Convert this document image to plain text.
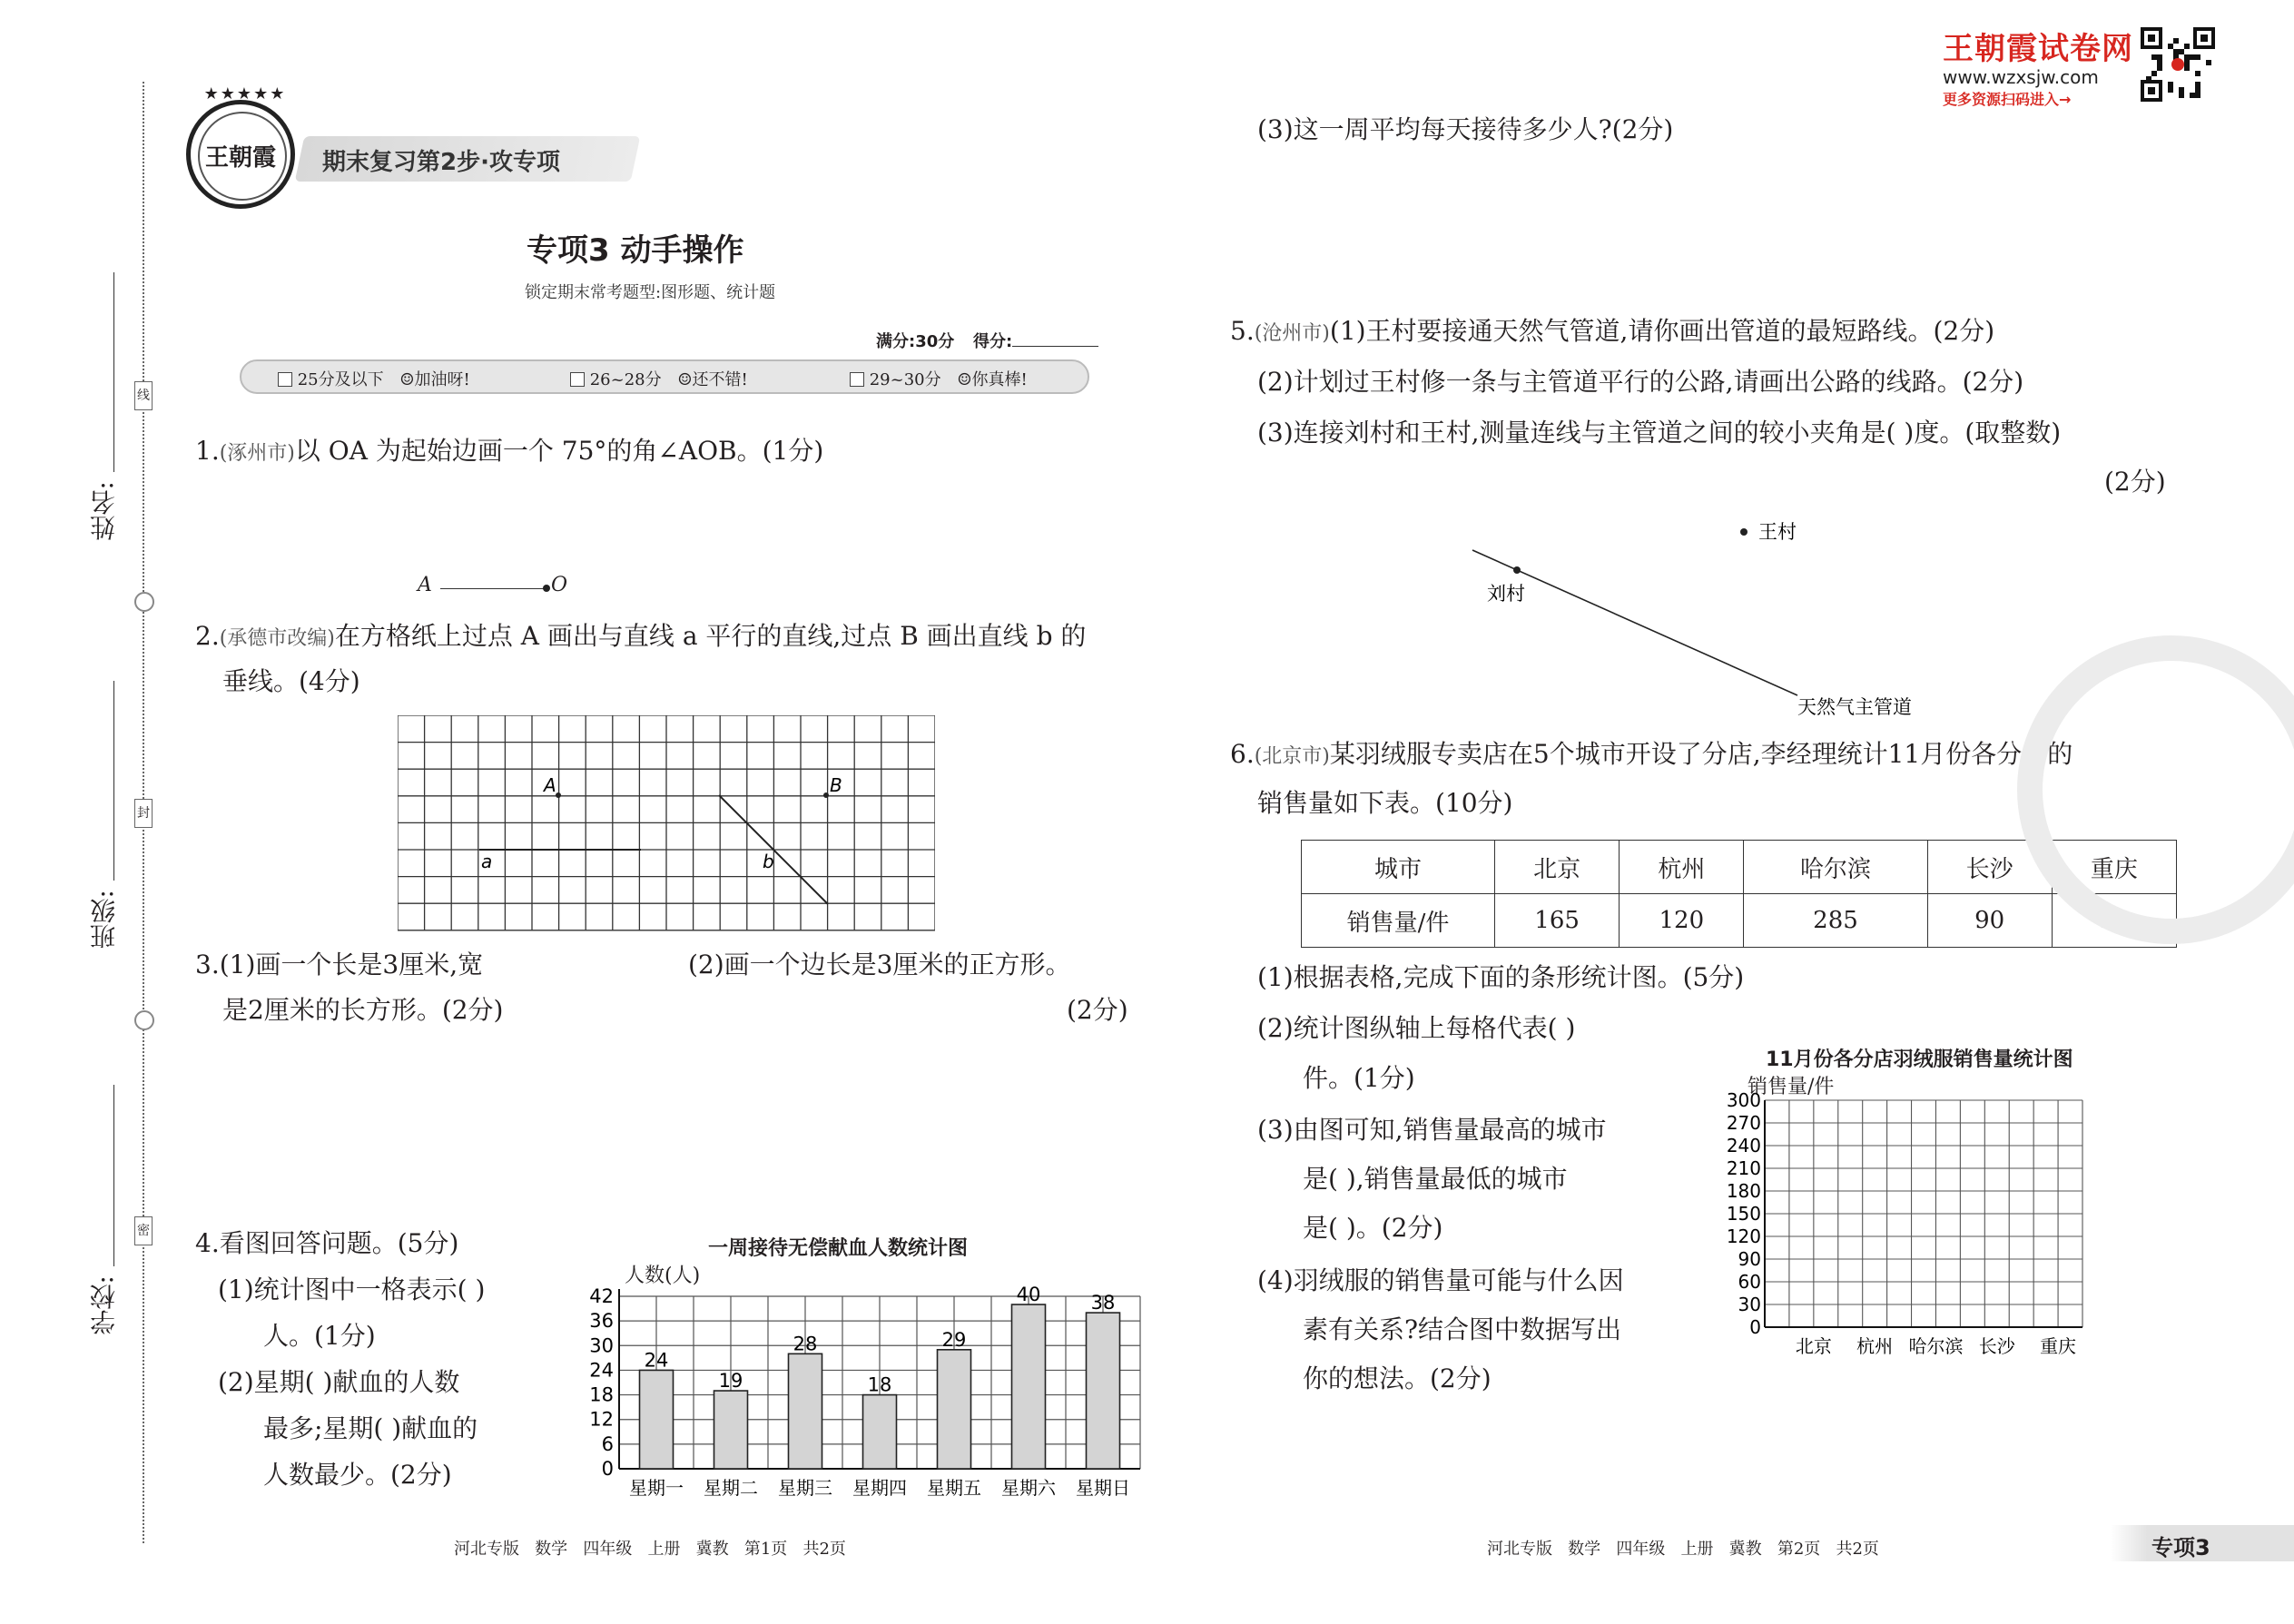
线
封
密
姓名:
班级:
学校:
王朝霞
★★★★★
期末复习第2步·攻专项
专项3 动手操作
锁定期末常考题型:图形题、统计题
满分:30分 得分:
25分及以下 ☺加油呀!	26~28分 ☺还不错!	29~30分 ☺你真棒!
1.(涿州市)以 OA 为起始边画一个 75°的角∠AOB。(1分)
A	O
2.(承德市改编)在方格纸上过点 A 画出与直线 a 平行的直线,过点 B 画出直线 b 的
垂线。(4分)
A	B
a	b
3.(1)画一个长是3厘米,宽
是2厘米的长方形。(2分)
(2)画一个边长是3厘米的正方形。
(2分)
4.看图回答问题。(5分)
(1)统计图中一格表示( )
人。(1分)
(2)星期( )献血的人数
最多;星期( )献血的
人数最少。(2分)
一周接待无偿献血人数统计图
人数(人)
0
6
12
18
24
30
36
42
24
星期一
19
星期二
28
星期三
18
星期四
29
星期五
40
星期六
38
星期日
王朝霞试卷网
www.wzxsjw.com
更多资源扫码进入→
(3)这一周平均每天接待多少人?(2分)
5.(沧州市)(1)王村要接通天然气管道,请你画出管道的最短路线。(2分)
(2)计划过王村修一条与主管道平行的公路,请画出公路的线路。(2分)
(3)连接刘村和王村,测量连线与主管道之间的较小夹角是( )度。(取整数)
(2分)
王村
刘村
天然气主管道
6.(北京市)某羽绒服专卖店在5个城市开设了分店,李经理统计11月份各分店的
销售量如下表。(10分)
城市	北京	杭州	哈尔滨	长沙	重庆
销售量/件	165	120	285	90	53
(1)根据表格,完成下面的条形统计图。(5分)
(2)统计图纵轴上每格代表( )
件。(1分)
(3)由图可知,销售量最高的城市
是( ),销售量最低的城市
是( )。(2分)
(4)羽绒服的销售量可能与什么因
素有关系?结合图中数据写出
你的想法。(2分)
11月份各分店羽绒服销售量统计图
销售量/件
0
30
60
90
120
150
180
210
240
270
300
北京 杭州 哈尔滨 长沙 重庆
河北专版   数学   四年级   上册   冀教   第1页   共2页	河北专版   数学   四年级   上册   冀教   第2页   共2页	专项3
